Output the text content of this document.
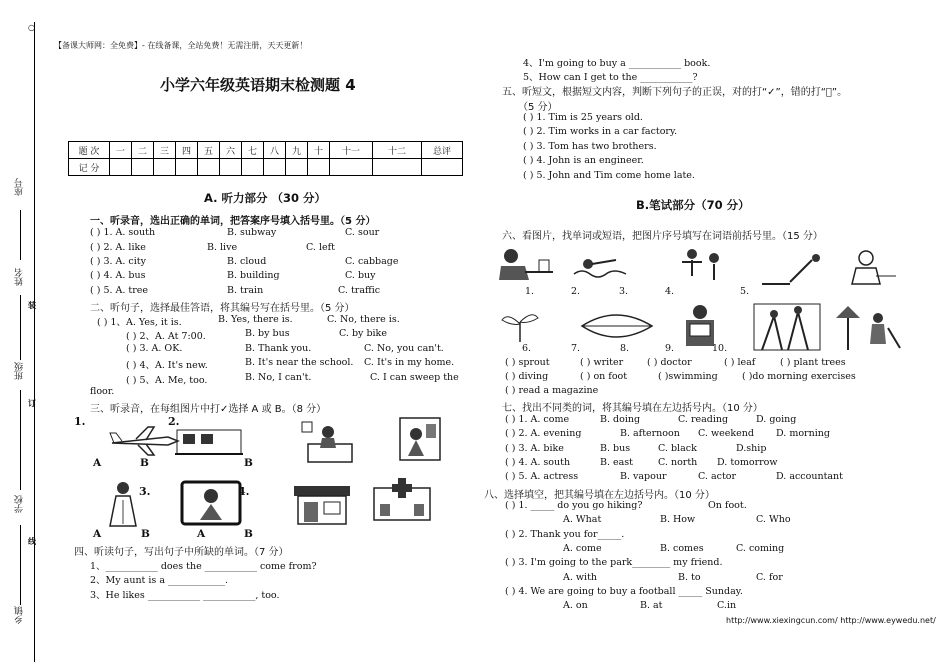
○
座号
姓名
装
班级
订
学校
线
乡镇
【备课大师网：全免费】- 在线备课，全站免费！无需注册，天天更新！
小学六年级英语期末检测题 4
题 次	一	二	三	四	五	六	七	八	九	十	十一	十二	总评
记 分													
A. 听力部分 （30 分）
一、听录音，选出正确的单词，把答案序号填入括号里。（5 分）
( ) 1. A. south	B. subway	C. sour
( ) 2. A. like	B. live	C. left
( ) 3. A. city	B. cloud	C. cabbage
( ) 4. A. bus	B. building	C. buy
( ) 5. A. tree	B. train	C. traffic
二、听句子，选择最佳答语，将其编号写在括号里。（5 分）
( ) 1、A. Yes, it is.	B. Yes, there is.	C. No, there is.
( ) 2、A. At 7:00.	B. by bus	C. by bike
( ) 3. A. OK.	B. Thank you.	C. No, you can't.
( ) 4、A. It's new.	B. It's near the school. C. It's in my home.
( ) 5、A. Me, too.	B. No, I can't.	C. I can sweep the
floor.
三、听录音，在每组图片中打✓选择 A 或 B。（8 分）
1.	2.
3.	4.
A	B	B
A	B	A	B
四、听读句子，写出句子中所缺的单词。（7 分）
1、___________ does the ___________ come from?
2、My aunt is a ____________.
3、He likes ___________ ___________, too.
4、I'm going to buy a ___________ book.
5、How can I get to the ___________?
五、听短文，根据短文内容，判断下列句子的正误，对的打“✓”，错的打“ ”。
（5 分）
( ) 1. Tim is 25 years old.
( ) 2. Tim works in a car factory.
( ) 3. Tom has two brothers.
( ) 4. John is an engineer.
( ) 5. John and Tim come home late.
B.笔试部分（70 分）
六、看图片，找单词或短语，把图片序号填写在词语前括号里。（15 分）
1.	2.	3.	4.
6.	7.	8.	9.	10.
5.
( ) sprout	( ) writer	( ) doctor	( ) leaf	( ) plant trees
( ) diving	( ) on foot	( )swimming	( )do morning exercises
( ) read a magazine
七、找出不同类的词，将其编号填在左边括号内。（10 分）
( ) 1. A. come	B. doing	C. reading	D. going
( ) 2. A. evening	B. afternoon C. weekend D. morning
( ) 3. A. bike	B. bus	C. black	D.ship
( ) 4. A. south	B. east	C. north D. tomorrow
( ) 5. A. actress	B. vapour	C. actor	D. accountant
八、选择填空，把其编号填在左边括号内。（10 分）
( ) 1. _____ do you go hiking?	On foot.
A. What	B. How	C. Who
( ) 2. Thank you for_____.
A. come	B. comes	C. coming
( ) 3. I'm going to the park________ my friend.
A. with	B. to	C. for
( ) 4. We are going to buy a football _____ Sunday.
A. on	B. at	C.in
http://www.xiexingcun.com/ http://www.eywedu.net/
